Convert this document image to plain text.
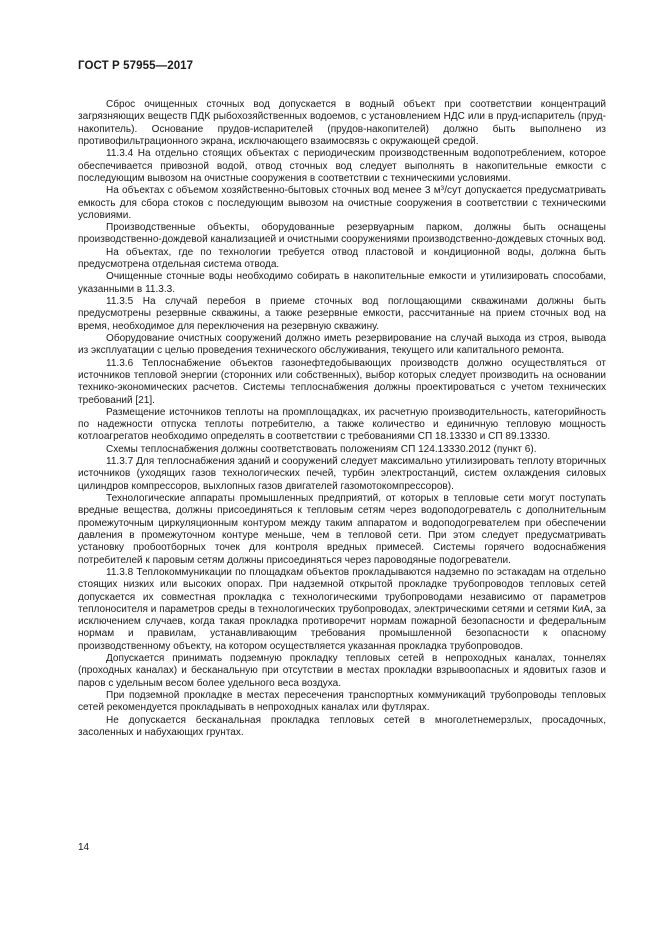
ГОСТ Р 57955—2017

Сброс очищенных сточных вод допускается в водный объект при соответствии концентраций загрязняющих веществ ПДК рыбохозяйственных водоемов, с установлением НДС или в пруд-испаритель (пруд-накопитель). Основание прудов-испарителей (прудов-накопителей) должно быть выполнено из противофильтрационного экрана, исключающего взаимосвязь с окружающей средой.

11.3.4 На отдельно стоящих объектах с периодическим производственным водопотреблением, которое обеспечивается привозной водой, отвод сточных вод следует выполнять в накопительные емкости с последующим вывозом на очистные сооружения в соответствии с техническими условиями.

На объектах с объемом хозяйственно-бытовых сточных вод менее 3 $м^3$/сут допускается предусматривать емкость для сбора стоков с последующим вывозом на очистные сооружения в соответствии с техническими условиями.

Производственные объекты, оборудованные резервуарным парком, должны быть оснащены производственно-дождевой канализацией и очистными сооружениями производственно-дождевых сточных вод.

На объектах, где по технологии требуется отвод пластовой и кондиционной воды, должна быть предусмотрена отдельная система отвода.

Очищенные сточные воды необходимо собирать в накопительные емкости и утилизировать способами, указанными в 11.3.3.

11.3.5 На случай перебоя в приеме сточных вод поглощающими скважинами должны быть предусмотрены резервные скважины, а также резервные емкости, рассчитанные на прием сточных вод на время, необходимое для переключения на резервную скважину.

Оборудование очистных сооружений должно иметь резервирование на случай выхода из строя, вывода из эксплуатации с целью проведения технического обслуживания, текущего или капитального ремонта.

11.3.6 Теплоснабжение объектов газонефтедобывающих производств должно осуществляться от источников тепловой энергии (сторонних или собственных), выбор которых следует производить на основании технико-экономических расчетов. Системы теплоснабжения должны проектироваться с учетом технических требований [21].

Размещение источников теплоты на промплощадках, их расчетную производительность, категорийность по надежности отпуска теплоты потребителю, а также количество и единичную тепловую мощность котлоагрегатов необходимо определять в соответствии с требованиями СП 18.13330 и СП 89.13330.

Схемы теплоснабжения должны соответствовать положениям СП 124.13330.2012 (пункт 6).

11.3.7 Для теплоснабжения зданий и сооружений следует максимально утилизировать теплоту вторичных источников (уходящих газов технологических печей, турбин электростанций, систем охлаждения силовых цилиндров компрессоров, выхлопных газов двигателей газомотокомпрессоров).

Технологические аппараты промышленных предприятий, от которых в тепловые сети могут поступать вредные вещества, должны присоединяться к тепловым сетям через водоподогреватель с дополнительным промежуточным циркуляционным контуром между таким аппаратом и водоподогревателем при обеспечении давления в промежуточном контуре меньше, чем в тепловой сети. При этом следует предусматривать установку пробоотборных точек для контроля вредных примесей. Системы горячего водоснабжения потребителей к паровым сетям должны присоединяться через пароводяные подогреватели.

11.3.8 Теплокоммуникации по площадкам объектов прокладываются надземно по эстакадам на отдельно стоящих низких или высоких опорах. При надземной открытой прокладке трубопроводов тепловых сетей допускается их совместная прокладка с технологическими трубопроводами независимо от параметров теплоносителя и параметров среды в технологических трубопроводах, электрическими сетями и сетями КиА, за исключением случаев, когда такая прокладка противоречит нормам пожарной безопасности и федеральным нормам и правилам, устанавливающим требования промышленной безопасности к опасному производственному объекту, на котором осуществляется указанная прокладка трубопроводов.

Допускается принимать подземную прокладку тепловых сетей в непроходных каналах, тоннелях (проходных каналах) и бесканальную при отсутствии в местах прокладки взрывоопасных и ядовитых газов и паров с удельным весом более удельного веса воздуха.

При подземной прокладке в местах пересечения транспортных коммуникаций трубопроводы тепловых сетей рекомендуется прокладывать в непроходных каналах или футлярах.

Не допускается бесканальная прокладка тепловых сетей в многолетнемерзлых, просадочных, засоленных и набухающих грунтах.

14
